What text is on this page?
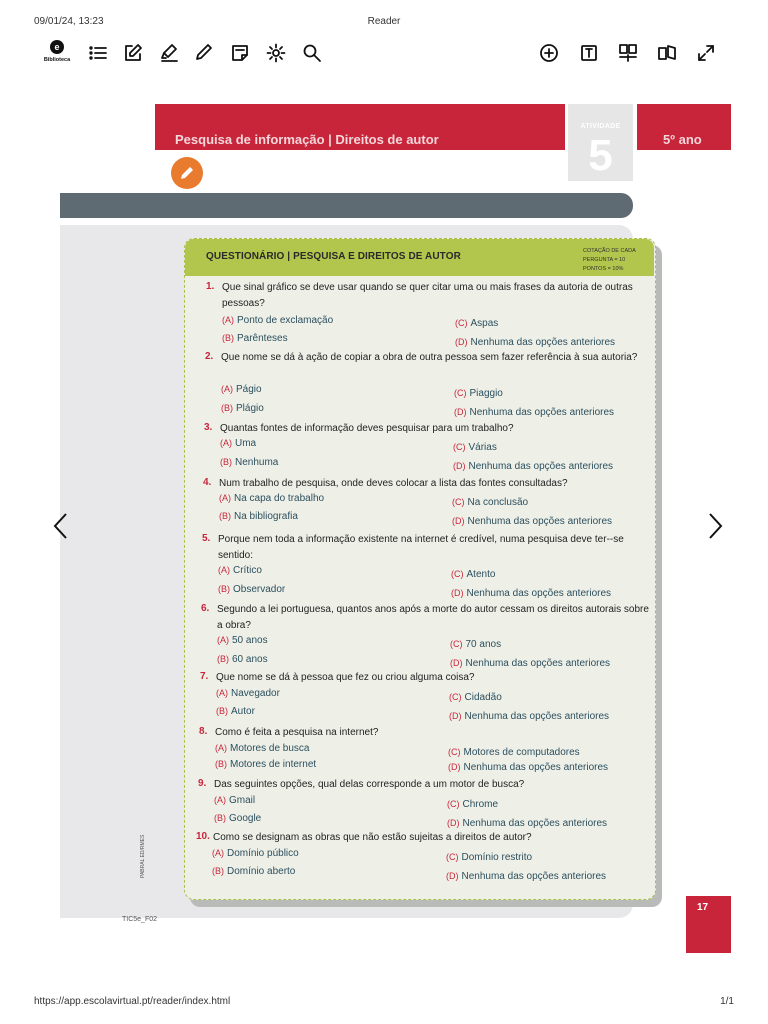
09/01/24, 13:23	Reader
https://app.escolavirtual.pt/reader/index.html	1/1
e
Biblioteca
Pesquisa de informação | Direitos de autor
ATIVIDADE
5	5º ano
PABRAL ED/RMES
TIC5e_F02
QUESTIONÁRIO | PESQUISA E DIREITOS DE AUTOR	COTAÇÃO DE CADA
PERGUNTA = 10
PONTOS = 10%
1. Que sinal gráfico se deve usar quando se quer citar uma ou mais frases da autoria de outras pessoas?
(A) Ponto de exclamação
(B) Parênteses
(C) Aspas
(D) Nenhuma das opções anteriores
2. Que nome se dá à ação de copiar a obra de outra pessoa sem fazer referência à sua autoria?
(A) Págio
(B) Plágio
(C) Piaggio
(D) Nenhuma das opções anteriores
3. Quantas fontes de informação deves pesquisar para um trabalho?
(A) Uma
(B) Nenhuma
(C) Várias
(D) Nenhuma das opções anteriores
4. Num trabalho de pesquisa, onde deves colocar a lista das fontes consultadas?
(A) Na capa do trabalho
(B) Na bibliografia
(C) Na conclusão
(D) Nenhuma das opções anteriores
5. Porque nem toda a informação existente na internet é credível, numa pesquisa deve ter--se sentido:
(A) Crítico
(B) Observador
(C) Atento
(D) Nenhuma das opções anteriores
6. Segundo a lei portuguesa, quantos anos após a morte do autor cessam os direitos autorais sobre a obra?
(A) 50 anos
(B) 60 anos
(C) 70 anos
(D) Nenhuma das opções anteriores
7. Que nome se dá à pessoa que fez ou criou alguma coisa?
(A) Navegador
(B) Autor
(C) Cidadão
(D) Nenhuma das opções anteriores
8. Como é feita a pesquisa na internet?
(A) Motores de busca
(B) Motores de internet
(C) Motores de computadores
(D) Nenhuma das opções anteriores
9. Das seguintes opções, qual delas corresponde a um motor de busca?
(A) Gmail
(B) Google
(C) Chrome
(D) Nenhuma das opções anteriores
10. Como se designam as obras que não estão sujeitas a direitos de autor?
(A) Domínio público
(B) Domínio aberto
(C) Domínio restrito
(D) Nenhuma das opções anteriores
17
